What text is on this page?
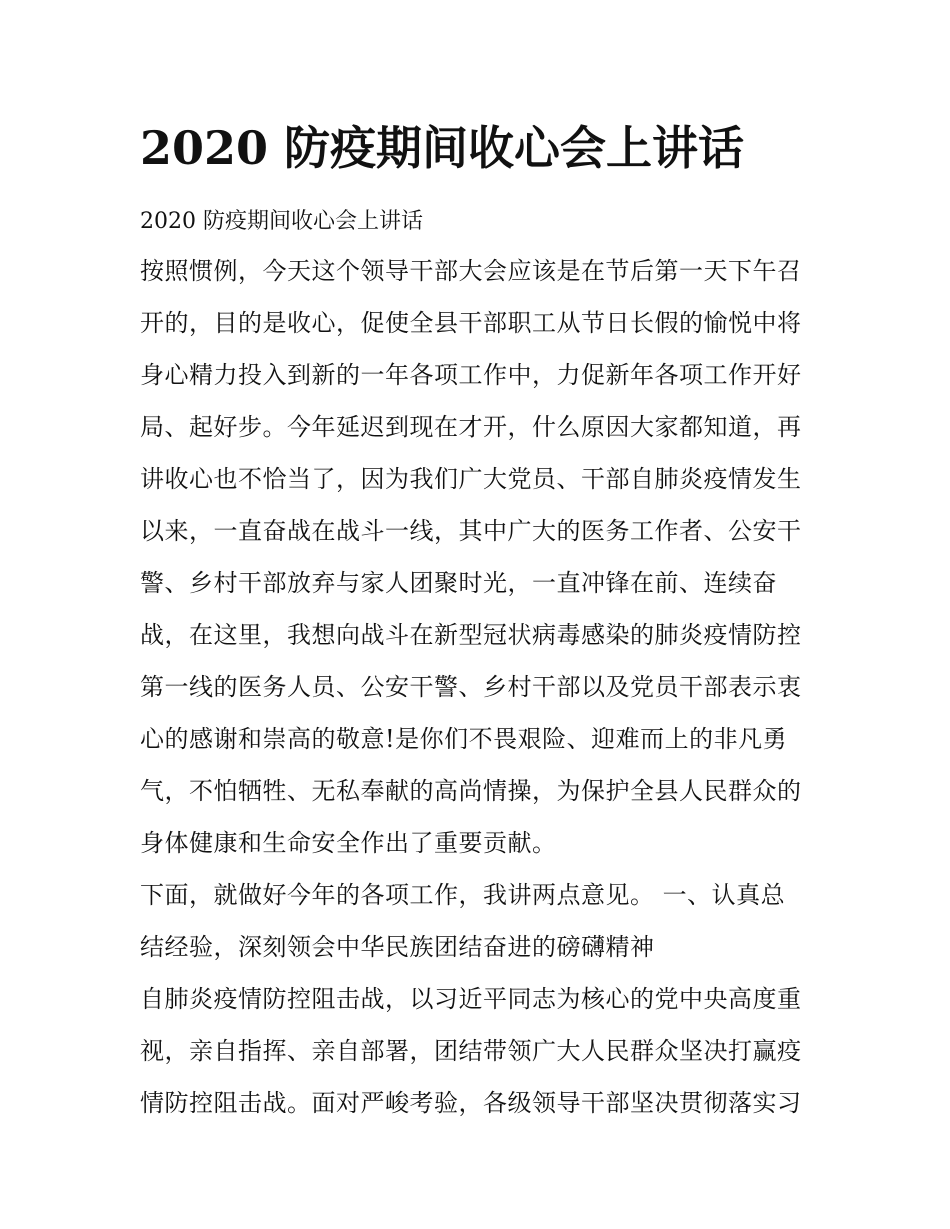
2020 防疫期间收心会上讲话
2020 防疫期间收心会上讲话
按照惯例，今天这个领导干部大会应该是在节后第一天下午召
开的，目的是收心，促使全县干部职工从节日长假的愉悦中将
身心精力投入到新的一年各项工作中，力促新年各项工作开好
局、起好步。今年延迟到现在才开，什么原因大家都知道，再
讲收心也不恰当了，因为我们广大党员、干部自肺炎疫情发生
以来，一直奋战在战斗一线，其中广大的医务工作者、公安干
警、乡村干部放弃与家人团聚时光，一直冲锋在前、连续奋
战，在这里，我想向战斗在新型冠状病毒感染的肺炎疫情防控
第一线的医务人员、公安干警、乡村干部以及党员干部表示衷
心的感谢和崇高的敬意!是你们不畏艰险、迎难而上的非凡勇
气，不怕牺牲、无私奉献的高尚情操，为保护全县人民群众的
身体健康和生命安全作出了重要贡献。
下面，就做好今年的各项工作，我讲两点意见。 一、认真总
结经验，深刻领会中华民族团结奋进的磅礴精神
自肺炎疫情防控阻击战，以习近平同志为核心的党中央高度重
视，亲自指挥、亲自部署，团结带领广大人民群众坚决打赢疫
情防控阻击战。面对严峻考验，各级领导干部坚决贯彻落实习
